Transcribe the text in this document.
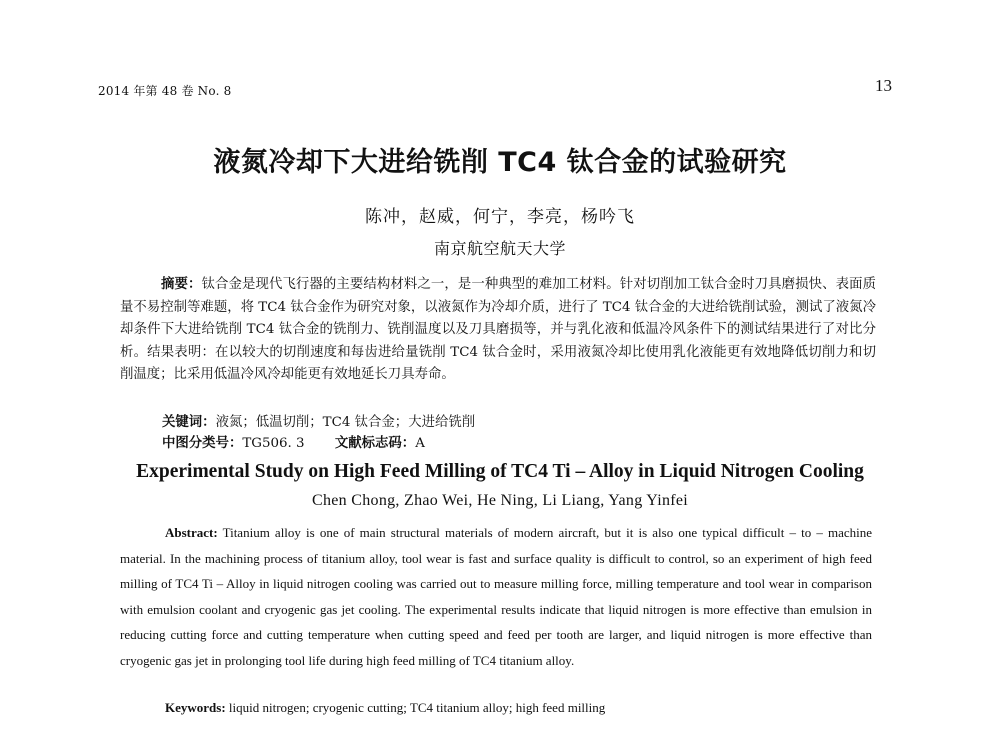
2014 年第 48 卷 No. 8	13
液氮冷却下大进给铣削 TC4 钛合金的试验研究
陈冲，赵威，何宁，李亮，杨吟飞
南京航空航天大学
摘要：钛合金是现代飞行器的主要结构材料之一，是一种典型的难加工材料。针对切削加工钛合金时刀具磨损快、表面质量不易控制等难题，将 TC4 钛合金作为研究对象，以液氮作为冷却介质，进行了 TC4 钛合金的大进给铣削试验，测试了液氮冷却条件下大进给铣削 TC4 钛合金的铣削力、铣削温度以及刀具磨损等，并与乳化液和低温冷风条件下的测试结果进行了对比分析。结果表明：在以较大的切削速度和每齿进给量铣削 TC4 钛合金时，采用液氮冷却比使用乳化液能更有效地降低切削力和切削温度；比采用低温冷风冷却能更有效地延长刀具寿命。
关键词：液氮；低温切削；TC4 钛合金；大进给铣削
中图分类号：TG506. 3 文献标志码：A
Experimental Study on High Feed Milling of TC4 Ti – Alloy in Liquid Nitrogen Cooling
Chen Chong, Zhao Wei, He Ning, Li Liang, Yang Yinfei
Abstract: Titanium alloy is one of main structural materials of modern aircraft, but it is also one typical difficult – to – machine material. In the machining process of titanium alloy, tool wear is fast and surface quality is difficult to control, so an experiment of high feed milling of TC4 Ti – Alloy in liquid nitrogen cooling was carried out to measure milling force, milling temperature and tool wear in comparison with emulsion coolant and cryogenic gas jet cooling. The experimental results indicate that liquid nitrogen is more effective than emulsion in reducing cutting force and cutting temperature when cutting speed and feed per tooth are larger, and liquid nitrogen is more effective than cryogenic gas jet in prolonging tool life during high feed milling of TC4 titanium alloy.
Keywords: liquid nitrogen; cryogenic cutting; TC4 titanium alloy; high feed milling
